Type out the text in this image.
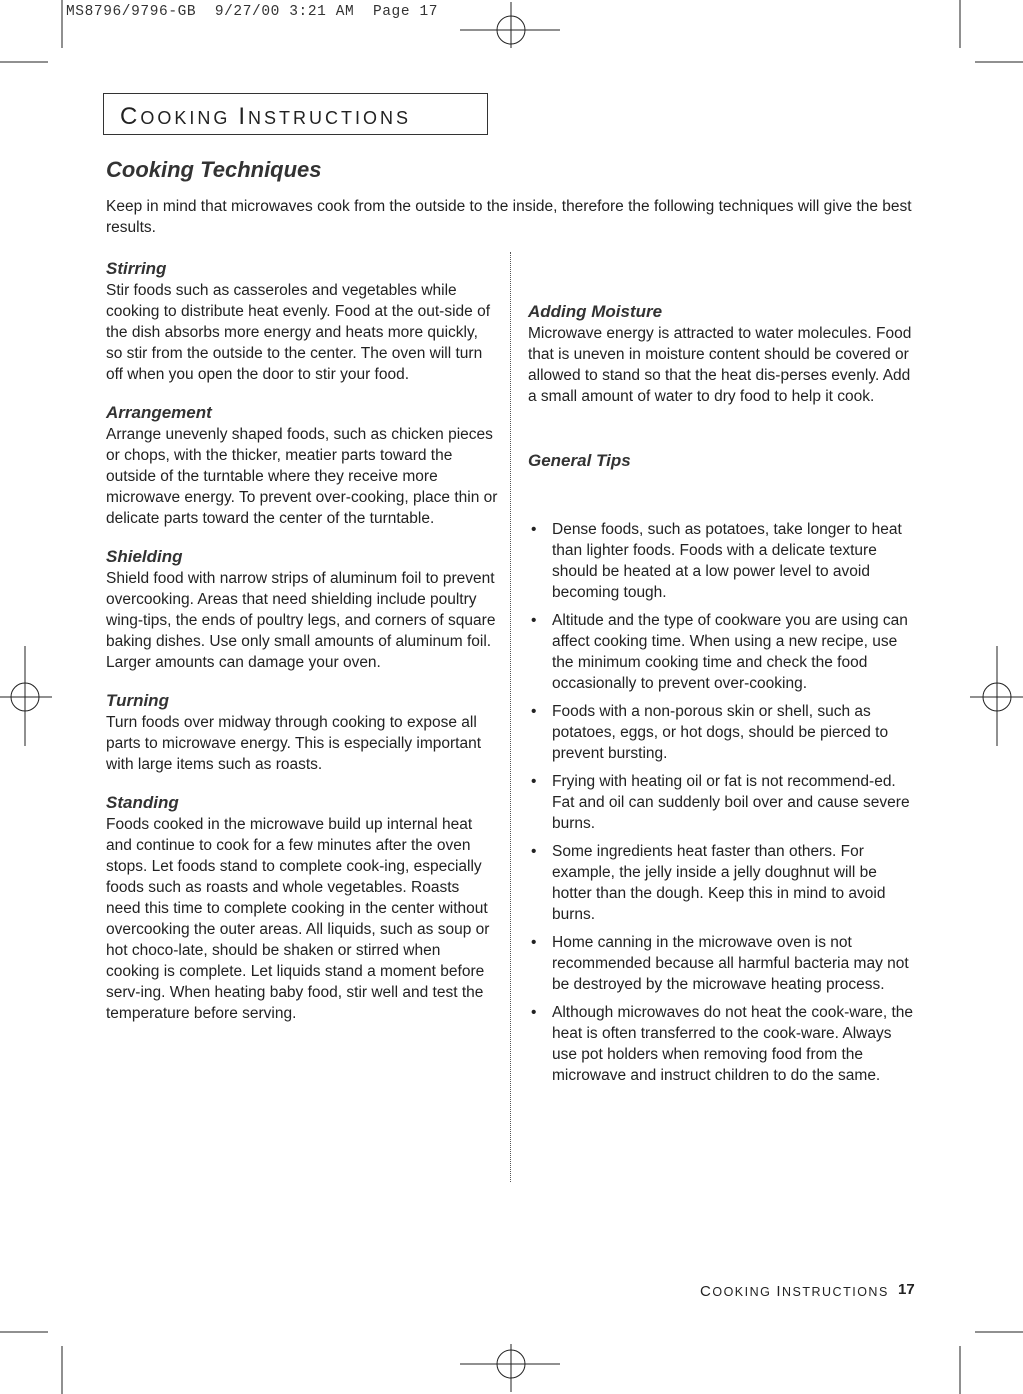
MS8796/9796-GB  9/27/00 3:21 AM  Page 17
COOKING INSTRUCTIONS
Cooking Techniques
Keep in mind that microwaves cook from the outside to the inside, therefore the following techniques will give the best results.
Stirring
Stir foods such as casseroles and vegetables while cooking to distribute heat evenly. Food at the out-side of the dish absorbs more energy and heats more quickly, so stir from the outside to the center. The oven will turn off when you open the door to stir your food.
Arrangement
Arrange unevenly shaped foods, such as chicken pieces or chops, with the thicker, meatier parts toward the outside of the turntable where they receive more microwave energy. To prevent over-cooking, place thin or delicate parts toward the center of the turntable.
Shielding
Shield food with narrow strips of aluminum foil to prevent overcooking. Areas that need shielding include poultry wing-tips, the ends of poultry legs, and corners of square baking dishes. Use only small amounts of aluminum foil. Larger amounts can damage your oven.
Turning
Turn foods over midway through cooking to expose all parts to microwave energy. This is especially important with large items such as roasts.
Standing
Foods cooked in the microwave build up internal heat and continue to cook for a few minutes after the oven stops. Let foods stand to complete cook-ing, especially foods such as roasts and whole vegetables. Roasts need this time to complete cooking in the center without overcooking the outer areas. All liquids, such as soup or hot choco-late, should be shaken or stirred when cooking is complete. Let liquids stand a moment before serv-ing. When heating baby food, stir well and test the temperature before serving.
Adding Moisture
Microwave energy is attracted to water molecules. Food that is uneven in moisture content should be covered or allowed to stand so that the heat dis-perses evenly. Add a small amount of water to dry food to help it cook.
General Tips
• Dense foods, such as potatoes, take longer to heat than lighter foods. Foods with a delicate texture should be heated at a low power level to avoid becoming tough.
• Altitude and the type of cookware you are using can affect cooking time. When using a new recipe, use the minimum cooking time and check the food occasionally to prevent over-cooking.
• Foods with a non-porous skin or shell, such as potatoes, eggs, or hot dogs, should be pierced to prevent bursting.
• Frying with heating oil or fat is not recommend-ed. Fat and oil can suddenly boil over and cause severe burns.
• Some ingredients heat faster than others. For example, the jelly inside a jelly doughnut will be hotter than the dough. Keep this in mind to avoid burns.
• Home canning in the microwave oven is not recommended because all harmful bacteria may not be destroyed by the microwave heating process.
• Although microwaves do not heat the cook-ware, the heat is often transferred to the cook-ware. Always use pot holders when removing food from the microwave and instruct children to do the same.
COOKING INSTRUCTIONS 17
